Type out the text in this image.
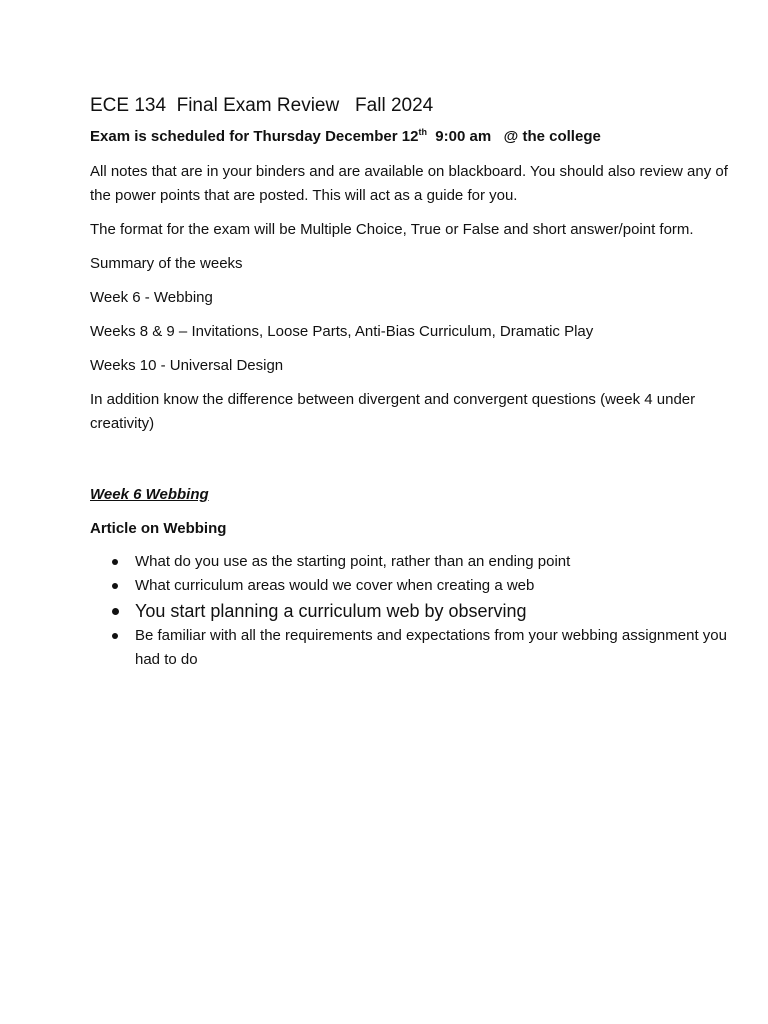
ECE 134  Final Exam Review   Fall 2024
Exam is scheduled for Thursday December 12th  9:00 am   @ the college

All notes that are in your binders and are available on blackboard. You should also review any of the power points that are posted. This will act as a guide for you.

The format for the exam will be Multiple Choice, True or False and short answer/point form.

Summary of the weeks

Week 6 - Webbing

Weeks 8 & 9 – Invitations, Loose Parts, Anti-Bias Curriculum, Dramatic Play

Weeks 10 - Universal Design

In addition know the difference between divergent and convergent questions (week 4 under creativity)

Week 6 Webbing
Article on Webbing
What do you use as the starting point, rather than an ending point
What curriculum areas would we cover when creating a web
You start planning a curriculum web by observing
Be familiar with all the requirements and expectations from your webbing assignment you had to do
